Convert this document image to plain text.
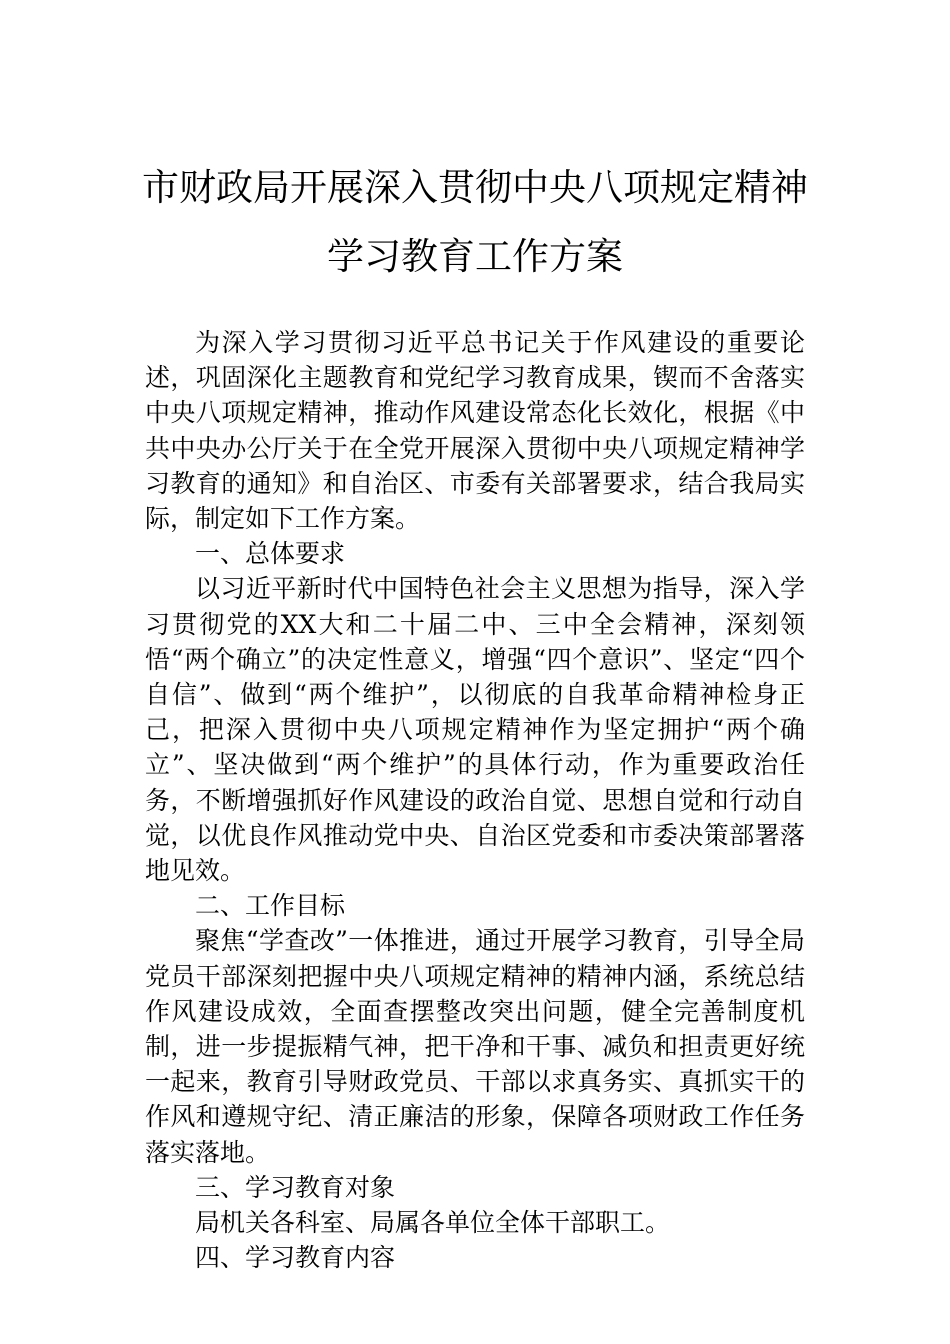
市财政局开展深入贯彻中央八项规定精神
学习教育工作方案

为深入学习贯彻习近平总书记关于作风建设的重要论述，巩固深化主题教育和党纪学习教育成果，锲而不舍落实中央八项规定精神，推动作风建设常态化长效化，根据《中共中央办公厅关于在全党开展深入贯彻中央八项规定精神学习教育的通知》和自治区、市委有关部署要求，结合我局实际，制定如下工作方案。

一、总体要求

以习近平新时代中国特色社会主义思想为指导，深入学习贯彻党的XX大和二十届二中、三中全会精神，深刻领悟“两个确立”的决定性意义，增强“四个意识”、坚定“四个自信”、做到“两个维护”，以彻底的自我革命精神检身正己，把深入贯彻中央八项规定精神作为坚定拥护“两个确立”、坚决做到“两个维护”的具体行动，作为重要政治任务，不断增强抓好作风建设的政治自觉、思想自觉和行动自觉，以优良作风推动党中央、自治区党委和市委决策部署落地见效。

二、工作目标

聚焦“学查改”一体推进，通过开展学习教育，引导全局党员干部深刻把握中央八项规定精神的精神内涵，系统总结作风建设成效，全面查摆整改突出问题，健全完善制度机制，进一步提振精气神，把干净和干事、减负和担责更好统一起来，教育引导财政党员、干部以求真务实、真抓实干的作风和遵规守纪、清正廉洁的形象，保障各项财政工作任务落实落地。

三、学习教育对象

局机关各科室、局属各单位全体干部职工。

四、学习教育内容
